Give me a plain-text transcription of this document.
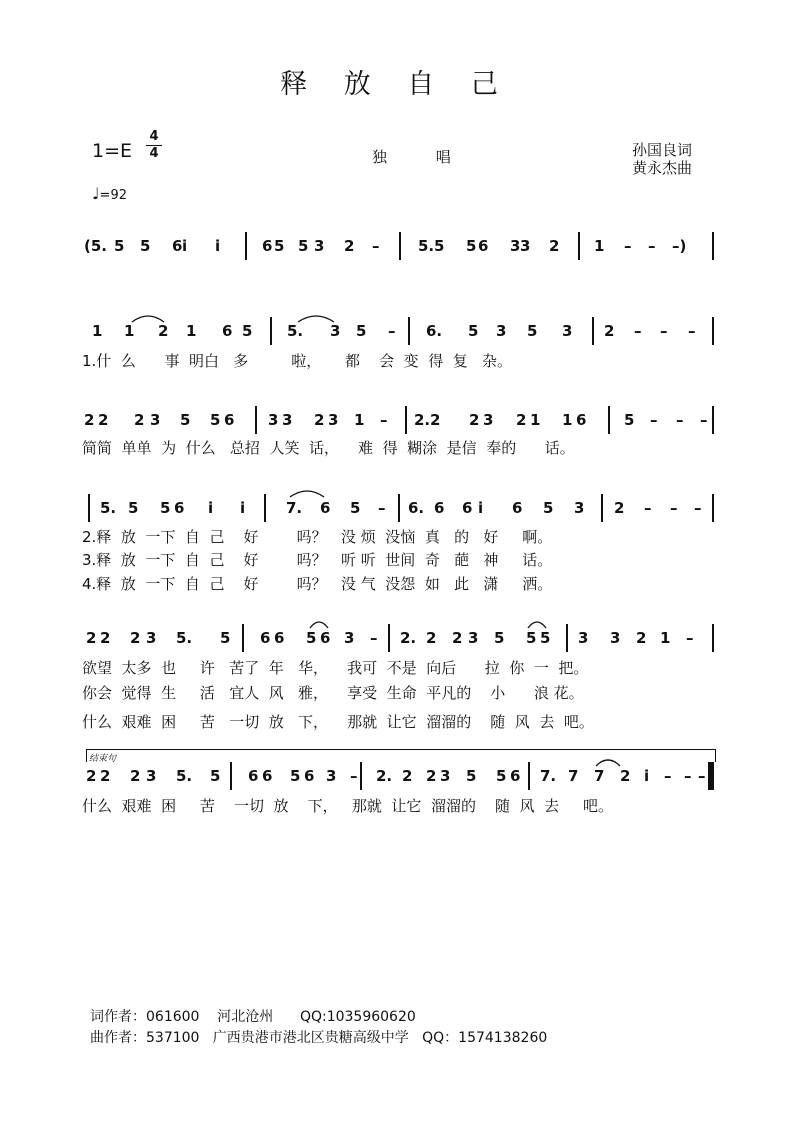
释 放 自 己
1=E
4
4	独 唱	孙国良词
黄永杰曲
♩=92
(5. 5 5 6 i i	6 5 5 3 2 –	5. 5 5 6 3 3 2 1 – – –)
1 1 2 1 6 5 5. 3 5 – 6. 5 3 5 3 2 – – –
1.什  么      事  明白   多         啦，     都    会  变  得  复   杂。
2 2 2 3 5 5 6 3 3 2 3 1 – 2. 2 2 3 2 1 1 6	5 – – –
简简  单单  为  什么   总招  人笑  话，    难  得  糊涂  是信  奉的      话。
5. 5 5 6 i i	7. 6 5 – 6. 6 6 i 6 5 3 2 – – –
2.释  放  一下  自  己    好        吗？   没 烦  没恼  真   的   好     啊。
3.释  放  一下  自  己    好        吗？   听 听  世间  奇   葩   神     话。
4.释  放  一下  自  己    好        吗？   没 气  没怨  如   此   潇     洒。
2 2 2 3 5. 5 6 6 5 6 3 – 2. 2 2 3 5 5 5 3 3 2 1 –
欲望  太多  也     许   苦了  年   华，    我可  不是  向后      拉  你  一  把。
你会  觉得  生     活   宜人  风   雅，    享受  生命  平凡的    小      浪 花。
什么  艰难  困     苦   一切  放   下，    那就  让它  溜溜的    随  风  去  吧。
2 2 2 3 5. 5 6 6 5 6 3 – 2. 2 2 3 5 5 6 7. 7 7 2 i – – –
什么  艰难  困     苦    一切  放    下，   那就  让它  溜溜的    随  风  去     吧。
结束句
词作者：061600    河北沧州      QQ:1035960620
曲作者：537100   广西贵港市港北区贵糖高级中学   QQ：1574138260
